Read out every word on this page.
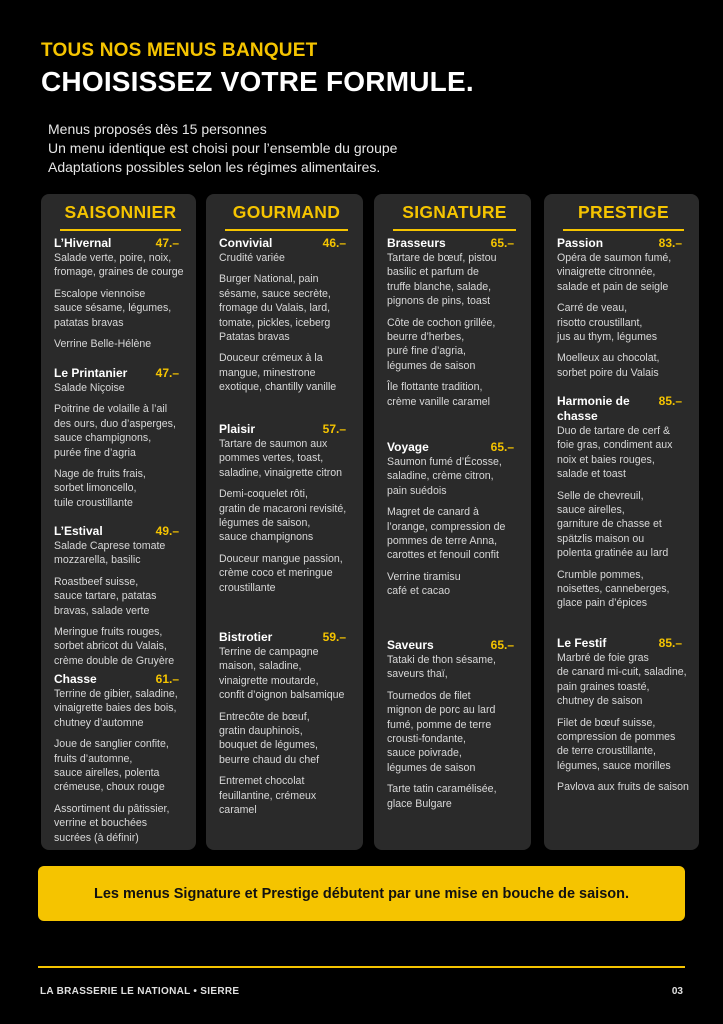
TOUS NOS MENUS BANQUET
CHOISISSEZ VOTRE FORMULE.
Menus proposés dès 15 personnes
Un menu identique est choisi pour l’ensemble du groupe
Adaptations possibles selon les régimes alimentaires.
SAISONNIER
L’Hivernal	47.–
Salade verte, poire, noix,
fromage, graines de courge
Escalope viennoise
sauce sésame, légumes,
patatas bravas
Verrine Belle-Hélène
Le Printanier 47.–
Salade Niçoise
Poitrine de volaille à l’ail
des ours, duo d’asperges,
sauce champignons,
purée fine d’agria
Nage de fruits frais,
sorbet limoncello,
tuile croustillante
L’Estival	49.–
Salade Caprese tomate
mozzarella, basilic
Roastbeef suisse,
sauce tartare, patatas
bravas, salade verte
Meringue fruits rouges,
sorbet abricot du Valais,
crème double de Gruyère
Chasse	61.–
Terrine de gibier, saladine,
vinaigrette baies des bois,
chutney d’automne
Joue de sanglier confite,
fruits d’automne,
sauce airelles, polenta
crémeuse, choux rouge
Assortiment du pâtissier,
verrine et bouchées
sucrées (à définir)
GOURMAND
Convivial	46.–
Crudité variée
Burger National, pain
sésame, sauce secrète,
fromage du Valais, lard,
tomate, pickles, iceberg
Patatas bravas
Douceur crémeux à la
mangue, minestrone
exotique, chantilly vanille
Plaisir	57.–
Tartare de saumon aux
pommes vertes, toast,
saladine, vinaigrette citron
Demi-coquelet rôti,
gratin de macaroni revisité,
légumes de saison,
sauce champignons
Douceur mangue passion,
crème coco et meringue
croustillante
Bistrotier	59.–
Terrine de campagne
maison, saladine,
vinaigrette moutarde,
confit d’oignon balsamique
Entrecôte de bœuf,
gratin dauphinois,
bouquet de légumes,
beurre chaud du chef
Entremet chocolat
feuillantine, crémeux
caramel
SIGNATURE
Brasseurs	65.–
Tartare de bœuf, pistou
basilic et parfum de
truffe blanche, salade,
pignons de pins, toast
Côte de cochon grillée,
beurre d’herbes,
puré fine d’agria,
légumes de saison
Île flottante tradition,
crème vanille caramel
Voyage	65.–
Saumon fumé d’Écosse,
saladine, crème citron,
pain suédois
Magret de canard à
l’orange, compression de
pommes de terre Anna,
carottes et fenouil confit
Verrine tiramisu
café et cacao
Saveurs	65.–
Tataki de thon sésame,
saveurs thaï,
Tournedos de filet
mignon de porc au lard
fumé, pomme de terre
crousti-fondante,
sauce poivrade,
légumes de saison
Tarte tatin caramélisée,
glace Bulgare
PRESTIGE
Passion	83.–
Opéra de saumon fumé,
vinaigrette citronnée,
salade et pain de seigle
Carré de veau,
risotto croustillant,
jus au thym, légumes
Moelleux au chocolat,
sorbet poire du Valais
Harmonie de chasse
85.–
Duo de tartare de cerf &
foie gras, condiment aux
noix et baies rouges,
salade et toast
Selle de chevreuil,
sauce airelles,
garniture de chasse et
spätzlis maison ou
polenta gratinée au lard
Crumble pommes,
noisettes, canneberges,
glace pain d’épices
Le Festif	85.–
Marbré de foie gras
de canard mi-cuit, saladine,
pain graines toasté,
chutney de saison
Filet de bœuf suisse,
compression de pommes
de terre croustillante,
légumes, sauce morilles
Pavlova aux fruits de saison
Les menus Signature et Prestige débutent par une mise en bouche de saison.
LA BRASSERIE LE NATIONAL • SIERRE	03
